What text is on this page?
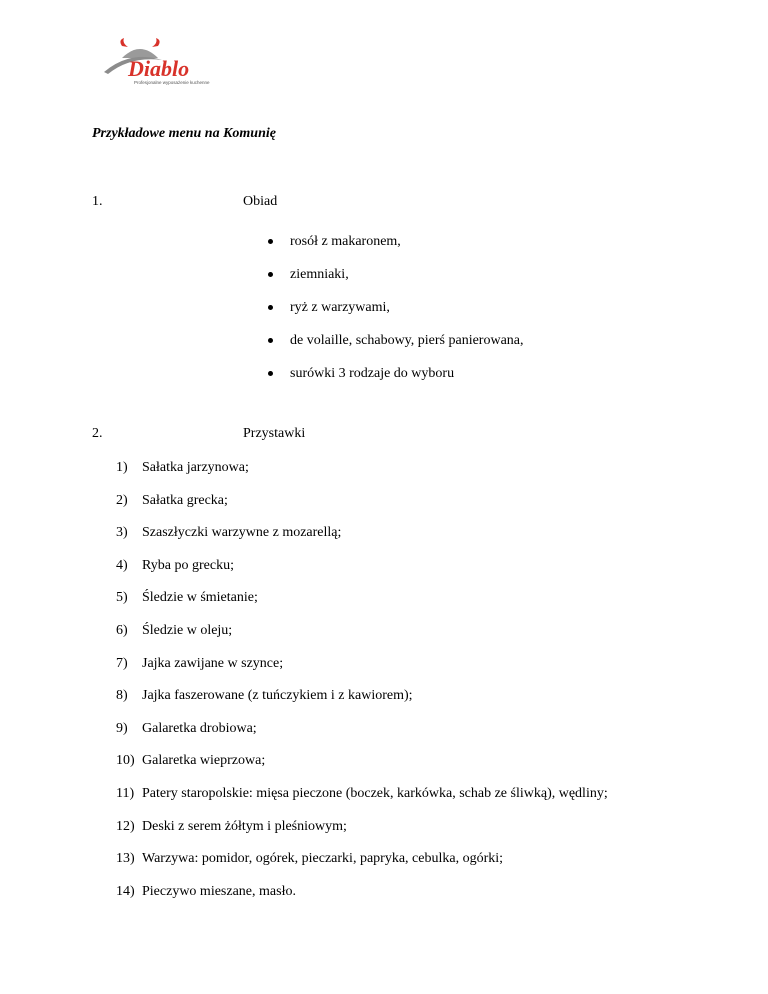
Diablo
Profesjonalne wyposażenie kuchenne

Przykładowe menu na Komunię

1.	Obiad
rosół z makaronem,
ziemniaki,
ryż z warzywami,
de volaille, schabowy, pierś panierowana,
surówki 3 rodzaje do wyboru
2.	Przystawki
1) Sałatka jarzynowa;
2) Sałatka grecka;
3) Szaszłyczki warzywne z mozarellą;
4) Ryba po grecku;
5) Śledzie w śmietanie;
6) Śledzie w oleju;
7) Jajka zawijane w szynce;
8) Jajka faszerowane (z tuńczykiem i z kawiorem);
9) Galaretka drobiowa;
10) Galaretka wieprzowa;
11) Patery staropolskie: mięsa pieczone (boczek, karkówka, schab ze śliwką), wędliny;
12) Deski z serem żółtym i pleśniowym;
13) Warzywa: pomidor, ogórek, pieczarki, papryka, cebulka, ogórki;
14) Pieczywo mieszane, masło.
